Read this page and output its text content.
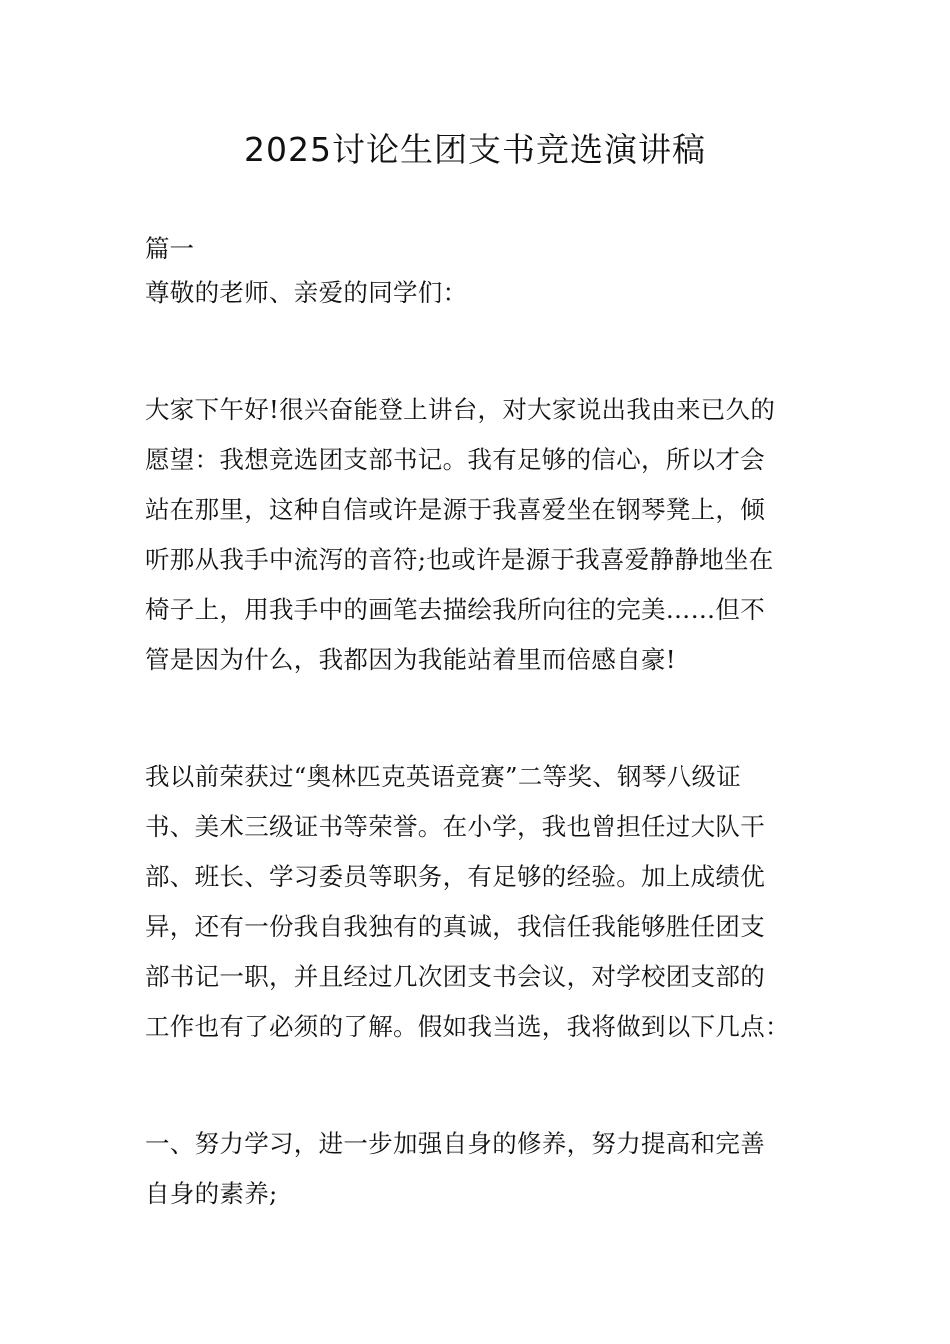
2025讨论生团支书竞选演讲稿
篇一
尊敬的老师、亲爱的同学们：
大家下午好!很兴奋能登上讲台，对大家说出我由来已久的
愿望：我想竞选团支部书记。我有足够的信心，所以才会
站在那里，这种自信或许是源于我喜爱坐在钢琴凳上，倾
听那从我手中流泻的音符;也或许是源于我喜爱静静地坐在
椅子上，用我手中的画笔去描绘我所向往的完美……但不
管是因为什么，我都因为我能站着里而倍感自豪!
我以前荣获过“奥林匹克英语竞赛”二等奖、钢琴八级证
书、美术三级证书等荣誉。在小学，我也曾担任过大队干
部、班长、学习委员等职务，有足够的经验。加上成绩优
异，还有一份我自我独有的真诚，我信任我能够胜任团支
部书记一职，并且经过几次团支书会议，对学校团支部的
工作也有了必须的了解。假如我当选，我将做到以下几点：
一、努力学习，进一步加强自身的修养，努力提高和完善
自身的素养;
